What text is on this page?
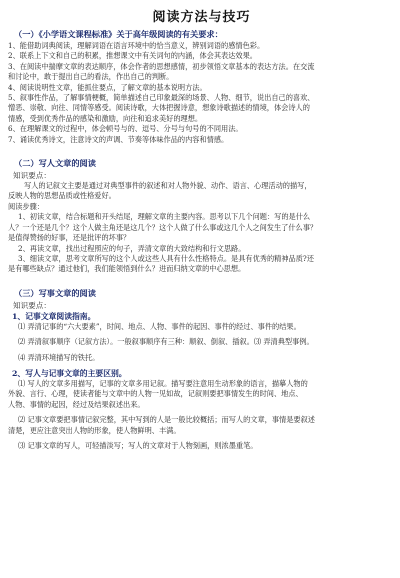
阅读方法与技巧
（一）《小学语文课程标准》关于高年级阅读的有关要求：
1、能借助词典阅读，理解词语在语言环境中的恰当意义，辨别词语的感情色彩。
2、联系上下文和自己的积累，推想课文中有关词句的内涵，体会其表达效果。
3、在阅读中揣摩文章的表达顺序，体会作者的思想感情，初步领悟文章基本的表达方法。在交流
和讨论中，敢于提出自己的看法，作出自己的判断。
4、阅读说明性文章，能抓住要点，了解文章的基本说明方法。
5、叙事性作品，了解事情梗概，简单描述自己印象最深的场景、人物、细节，说出自己的喜欢、
憎恶、崇敬、向往、同情等感受。阅读诗歌，大体把握诗意，想象诗歌描述的情境，体会诗人的
情感，受到优秀作品的感染和激励，向往和追求美好的理想。
6、在理解课文的过程中，体会顿号与的、逗号、分号与句号的不同用法。
7、诵读优秀诗文，注意诗文的声调、节奏等体味作品的内容和情感。
（二）写人文章的阅读
知识要点：
写人的记叙文主要是通过对典型事件的叙述和对人物外貌、动作、语言、心理活动的描写，
反映人物的思想品质或性格爱好。
阅读步骤：
1、初读文章，结合标题和开头结尾，理解文章的主要内容。思考以下几个问题：写的是什么
人？一个还是几个？这个人做主角还是这几个？这个人做了什么事或这几个人之间发生了什么事？
是值得赞扬的好事，还是批评的坏事？
2、再读文章，找出过程照应的句子，弄清文章的大致结构和行文思路。
3、细读文章，思考文章所写的这个人或这些人具有什么性格特点。是具有优秀的精神品质?还
是有哪些缺点？通过他们，我们能领悟到什么？进而归纳文章的中心思想。
（三）写事文章的阅读
知识要点：
1、记事文章阅读指南。
⑴ 弄清记事的“六大要素”，时间、地点、人物、事件的起因、事件的经过、事件的结果。
⑵ 弄清叙事顺序（记叙方法）。一般叙事顺序有三种：顺叙、倒叙、插叙。⑶ 弄清典型事例。
⑷ 弄清环境描写的铁托。
2、写人与记事文章的主要区别。
⑴ 写人的文章多用描写，记事的文章多用记叙。描写要注意用生动形象的语言，描摹人物的
外貌、言行、心理，使读者能与文章中的人物一见如故，记叙则要把事情发生的时间、地点、
人物、事情的起因，经过及结果叙述出来。
⑵ 记事文章要把事情记叙完整，其中写到的人是一般比较概括；而写人的文章，事情是要叙述
清楚，更应注意突出人物的形象，使人物鲜明、丰满。
⑶ 记事文章的写人，可轻描淡写；写人的文章对于人物刻画，则浓墨重笔。
